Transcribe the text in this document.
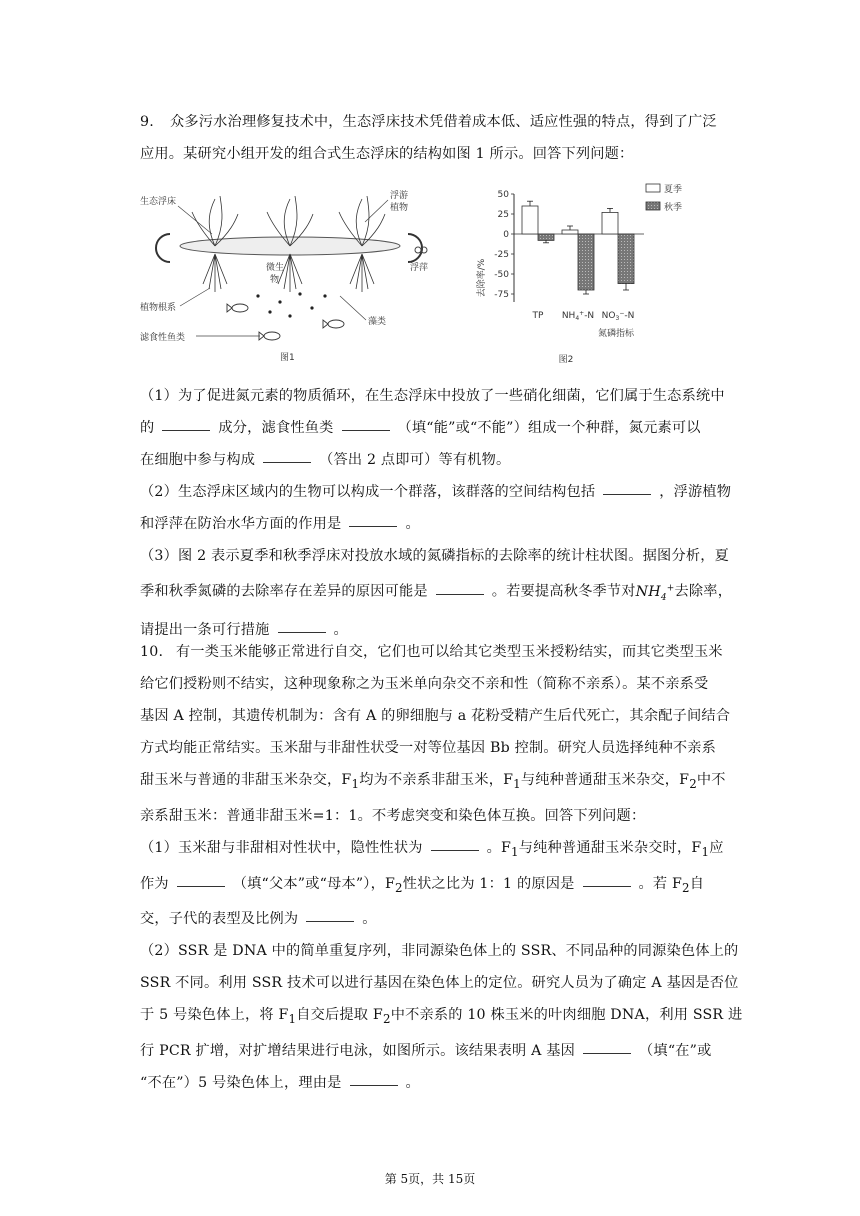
9. 众多污水治理修复技术中，生态浮床技术凭借着成本低、适应性强的特点，得到了广泛

应用。某研究小组开发的组合式生态浮床的结构如图 1 所示。回答下列问题：

生态浮床
浮游
植物
微生
物
浮萍
植物根系
藻类
滤食性鱼类
图1
去除率/%
50
25
0
-25
-50
-75
TP $NH_4^+-N$ $NO_3^--N$
夏季
秋季
氮磷指标
图2

（1）为了促进氮元素的物质循环，在生态浮床中投放了一些硝化细菌，它们属于生态系统中

的	成分，滤食性鱼类	（填“能”或“不能”）组成一个种群，氮元素可以

在细胞中参与构成	（答出 2 点即可）等有机物。

（2）生态浮床区域内的生物可以构成一个群落，该群落的空间结构包括	，浮游植物

和浮萍在防治水华方面的作用是	。

（3）图 2 表示夏季和秋季浮床对投放水域的氮磷指标的去除率的统计柱状图。据图分析，夏

季和秋季氮磷的去除率存在差异的原因可能是	。若要提高秋冬季节对$NH_4^+$去除率，

请提出一条可行措施	。

10. 有一类玉米能够正常进行自交，它们也可以给其它类型玉米授粉结实，而其它类型玉米

给它们授粉则不结实，这种现象称之为玉米单向杂交不亲和性（简称不亲系）。某不亲系受

基因 A 控制，其遗传机制为：含有 A 的卵细胞与 a 花粉受精产生后代死亡，其余配子间结合

方式均能正常结实。玉米甜与非甜性状受一对等位基因 Bb 控制。研究人员选择纯种不亲系

甜玉米与普通的非甜玉米杂交，$F_1$均为不亲系非甜玉米，$F_1$与纯种普通甜玉米杂交，$F_2$中不

亲系甜玉米：普通非甜玉米=1：1。不考虑突变和染色体互换。回答下列问题：

（1）玉米甜与非甜相对性状中，隐性性状为	。$F_1$与纯种普通甜玉米杂交时，$F_1$应

作为	（填“父本”或“母本”），$F_2$性状之比为 1：1 的原因是	。若 $F_2$自

交，子代的表型及比例为	。

（2）SSR 是 DNA 中的简单重复序列，非同源染色体上的 SSR、不同品种的同源染色体上的

SSR 不同。利用 SSR 技术可以进行基因在染色体上的定位。研究人员为了确定 A 基因是否位

于 5 号染色体上，将 $F_1$自交后提取 $F_2$中不亲系的 10 株玉米的叶肉细胞 DNA，利用 SSR 进

行 PCR 扩增，对扩增结果进行电泳，如图所示。该结果表明 A 基因	（填“在”或

“不在”）5 号染色体上，理由是	。

第 5页，共 15页
